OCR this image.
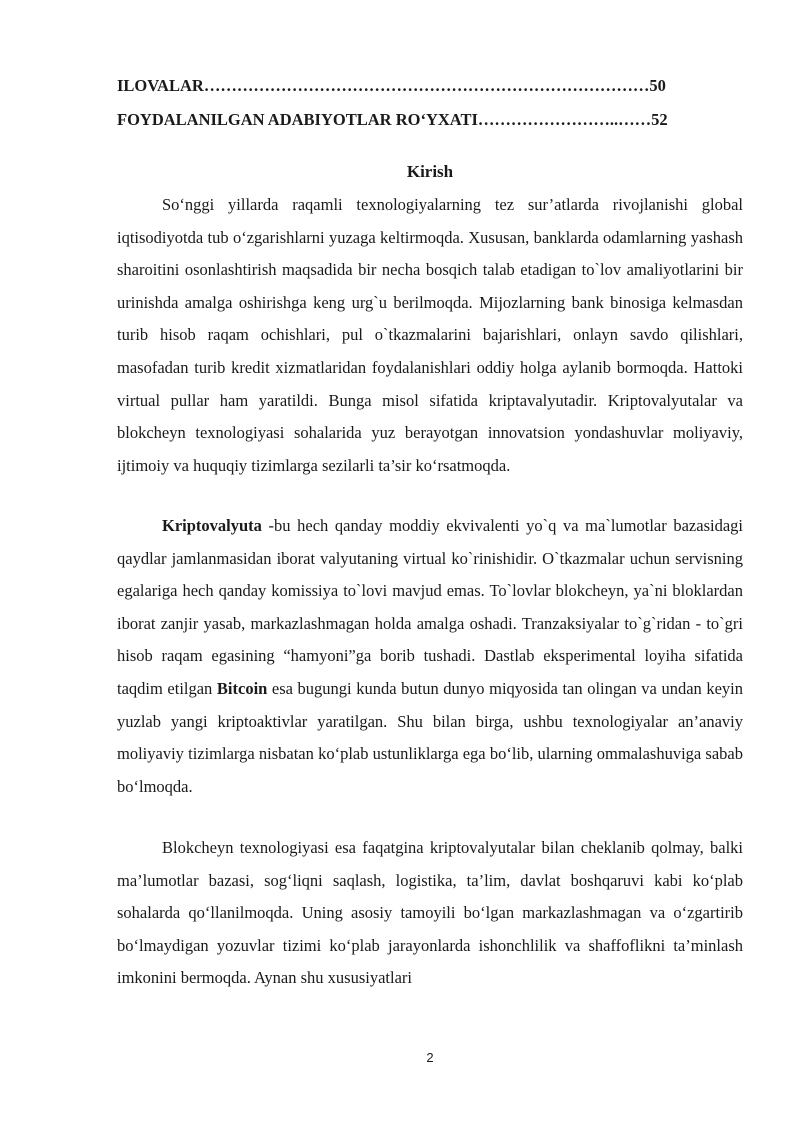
ILOVALAR………………………………………………………………………50
FOYDALANILGAN ADABIYOTLAR RO‘YXATI……………………..……52
Kirish

So‘nggi yillarda raqamli texnologiyalarning tez sur’atlarda rivojlanishi global iqtisodiyotda tub o‘zgarishlarni yuzaga keltirmoqda. Xususan, banklarda odamlarning yashash sharoitini osonlashtirish maqsadida bir necha bosqich talab etadigan to`lov amaliyotlarini bir urinishda amalga oshirishga keng urg`u berilmoqda. Mijozlarning bank binosiga kelmasdan turib hisob raqam ochishlari, pul o`tkazmalarini bajarishlari, onlayn savdo qilishlari, masofadan turib kredit xizmatlaridan foydalanishlari oddiy holga aylanib bormoqda. Hattoki virtual pullar ham yaratildi. Bunga misol sifatida kriptavalyutadir. Kriptovalyutalar va blokcheyn texnologiyasi sohalarida yuz berayotgan innovatsion yondashuvlar moliyaviy, ijtimoiy va huquqiy tizimlarga sezilarli ta’sir ko‘rsatmoqda.

Kriptovalyuta -bu hech qanday moddiy ekvivalenti yo`q va ma`lumotlar bazasidagi qaydlar jamlanmasidan iborat valyutaning virtual ko`rinishidir. O`tkazmalar uchun servisning egalariga hech qanday komissiya to`lovi mavjud emas. To`lovlar blokcheyn, ya`ni bloklardan iborat zanjir yasab, markazlashmagan holda amalga oshadi. Tranzaksiyalar to`g`ridan - to`gri hisob raqam egasining “hamyoni”ga borib tushadi. Dastlab eksperimental loyiha sifatida taqdim etilgan Bitcoin esa bugungi kunda butun dunyo miqyosida tan olingan va undan keyin yuzlab yangi kriptoaktivlar yaratilgan. Shu bilan birga, ushbu texnologiyalar an’anaviy moliyaviy tizimlarga nisbatan ko‘plab ustunliklarga ega bo‘lib, ularning ommalashuviga sabab bo‘lmoqda.

Blokcheyn texnologiyasi esa faqatgina kriptovalyutalar bilan cheklanib qolmay, balki ma’lumotlar bazasi, sog‘liqni saqlash, logistika, ta’lim, davlat boshqaruvi kabi ko‘plab sohalarda qo‘llanilmoqda. Uning asosiy tamoyili bo‘lgan markazlashmagan va o‘zgartirib bo‘lmaydigan yozuvlar tizimi ko‘plab jarayonlarda ishonchlilik va shaffoflikni ta’minlash imkonini bermoqda. Aynan shu xususiyatlari

2
